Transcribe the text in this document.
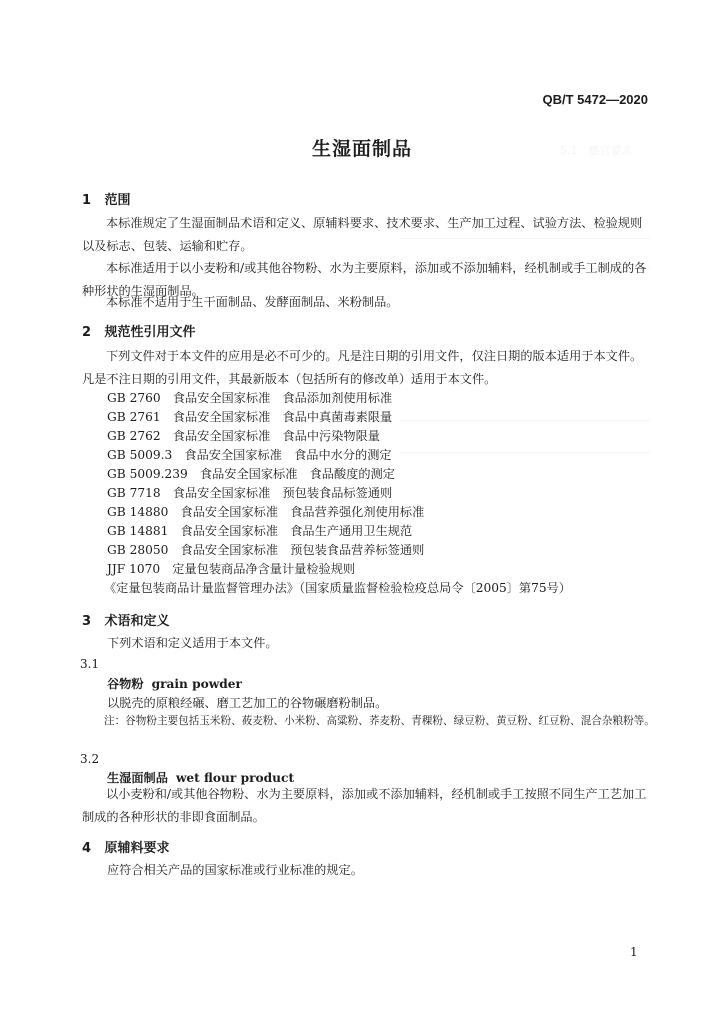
5.1　感官要求
QB/T 5472—2020
生湿面制品
1 范围
本标准规定了生湿面制品术语和定义、原辅料要求、技术要求、生产加工过程、试验方法、检验规则以及标志、包装、运输和贮存。
本标准适用于以小麦粉和/或其他谷物粉、水为主要原料，添加或不添加辅料，经机制或手工制成的各种形状的生湿面制品。
本标准不适用于生干面制品、发酵面制品、米粉制品。
2 规范性引用文件
下列文件对于本文件的应用是必不可少的。凡是注日期的引用文件，仅注日期的版本适用于本文件。凡是不注日期的引用文件，其最新版本（包括所有的修改单）适用于本文件。
GB 2760　食品安全国家标准　食品添加剂使用标准
GB 2761　食品安全国家标准　食品中真菌毒素限量
GB 2762　食品安全国家标准　食品中污染物限量
GB 5009.3　食品安全国家标准　食品中水分的测定
GB 5009.239　食品安全国家标准　食品酸度的测定
GB 7718　食品安全国家标准　预包装食品标签通则
GB 14880　食品安全国家标准　食品营养强化剂使用标准
GB 14881　食品安全国家标准　食品生产通用卫生规范
GB 28050　食品安全国家标准　预包装食品营养标签通则
JJF 1070　定量包装商品净含量计量检验规则
《定量包装商品计量监督管理办法》（国家质量监督检验检疫总局令〔2005〕第75号）
3 术语和定义
下列术语和定义适用于本文件。
3.1
谷物粉 grain powder
以脱壳的原粮经碾、磨工艺加工的谷物碾磨粉制品。
注：谷物粉主要包括玉米粉、莜麦粉、小米粉、高粱粉、荞麦粉、青稞粉、绿豆粉、黄豆粉、红豆粉、混合杂粮粉等。
3.2
生湿面制品 wet flour product
以小麦粉和/或其他谷物粉、水为主要原料，添加或不添加辅料，经机制或手工按照不同生产工艺加工制成的各种形状的非即食面制品。
4 原辅料要求
应符合相关产品的国家标准或行业标准的规定。
1
